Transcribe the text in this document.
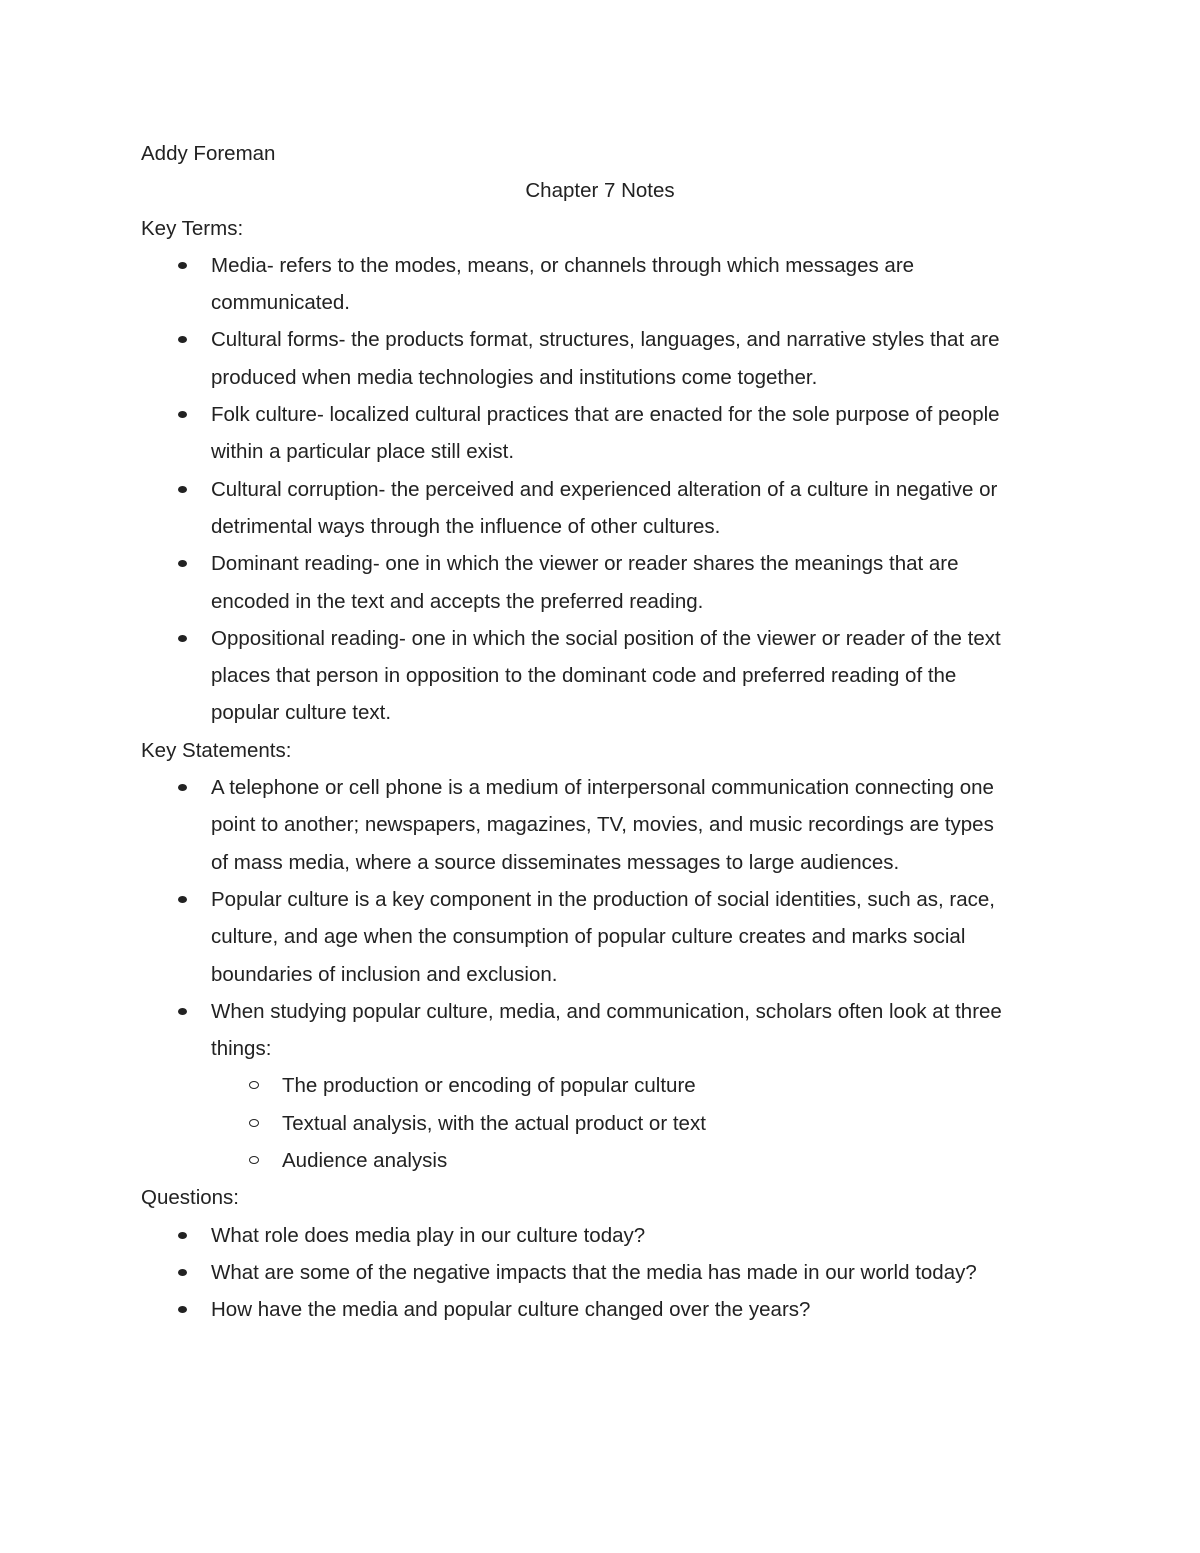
Addy Foreman

Chapter 7 Notes

Key Terms:

Media- refers to the modes, means, or channels through which messages are
communicated.
Cultural forms- the products format, structures, languages, and narrative styles that are
produced when media technologies and institutions come together.
Folk culture- localized cultural practices that are enacted for the sole purpose of people
within a particular place still exist.
Cultural corruption- the perceived and experienced alteration of a culture in negative or
detrimental ways through the influence of other cultures.
Dominant reading- one in which the viewer or reader shares the meanings that are
encoded in the text and accepts the preferred reading.
Oppositional reading- one in which the social position of the viewer or reader of the text
places that person in opposition to the dominant code and preferred reading of the
popular culture text.

Key Statements:

A telephone or cell phone is a medium of interpersonal communication connecting one
point to another; newspapers, magazines, TV, movies, and music recordings are types
of mass media, where a source disseminates messages to large audiences.
Popular culture is a key component in the production of social identities, such as, race,
culture, and age when the consumption of popular culture creates and marks social
boundaries of inclusion and exclusion.
When studying popular culture, media, and communication, scholars often look at three
things:
The production or encoding of popular culture
Textual analysis, with the actual product or text
Audience analysis

Questions:

What role does media play in our culture today?
What are some of the negative impacts that the media has made in our world today?
How have the media and popular culture changed over the years?
